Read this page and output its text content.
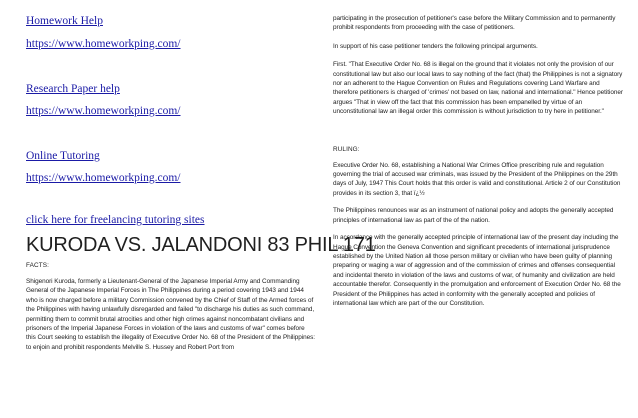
Homework Help
https://www.homeworkping.com/
Research Paper help
https://www.homeworkping.com/
Online Tutoring
https://www.homeworkping.com/
click here for freelancing tutoring sites
KURODA VS. JALANDONI 83 PHIL 171
FACTS:

Shigenori Kuroda, formerly a Lieutenant-General of the Japanese Imperial Army and Commanding General of the Japanese Imperial Forces in The Philippines during a period covering 1943 and 1944 who is now charged before a military Commission convened by the Chief of Staff of the Armed forces of the Philippines with having unlawfully disregarded and failed "to discharge his duties as such command, permitting them to commit brutal atrocities and other high crimes against noncombatant civilians and prisoners of the Imperial Japanese Forces in violation of the laws and customs of war" comes before this Court seeking to establish the illegality of Executive Order No. 68 of the President of the Philippines: to enjoin and prohibit respondents Melville S. Hussey and Robert Port from

participating in the prosecution of petitioner's case before the Military Commission and to permanently prohibit respondents from proceeding with the case of petitioners.

In support of his case petitioner tenders the following principal arguments.

First. "That Executive Order No. 68 is illegal on the ground that it violates not only the provision of our constitutional law but also our local laws to say nothing of the fact (that) the Philippines is not a signatory nor an adherent to the Hague Convention on Rules and Regulations covering Land Warfare and therefore petitioners is charged of 'crimes' not based on law, national and international." Hence petitioner argues "That in view off the fact that this commission has been empanelled by virtue of an unconstitutional law an illegal order this commission is without jurisdiction to try here in petitioner."

RULING:

Executive Order No. 68, establishing a National War Crimes Office prescribing rule and regulation governing the trial of accused war criminals, was issued by the President of the Philippines on the 29th days of July, 1947 This Court holds that this order is valid and constitutional. Article 2 of our Constitution provides in its section 3, that ï¿½

The Philippines renounces war as an instrument of national policy and adopts the generally accepted principles of international law as part of the of the nation.

In accordance with the generally accepted principle of international law of the present day including the Hague Convention the Geneva Convention and significant precedents of international jurisprudence established by the United Nation all those person military or civilian who have been guilty of planning preparing or waging a war of aggression and of the commission of crimes and offenses consequential and incidental thereto in violation of the laws and customs of war, of humanity and civilization are held accountable therefor. Consequently in the promulgation and enforcement of Execution Order No. 68 the President of the Philippines has acted in conformity with the generally accepted and policies of international law which are part of the our Constitution.
